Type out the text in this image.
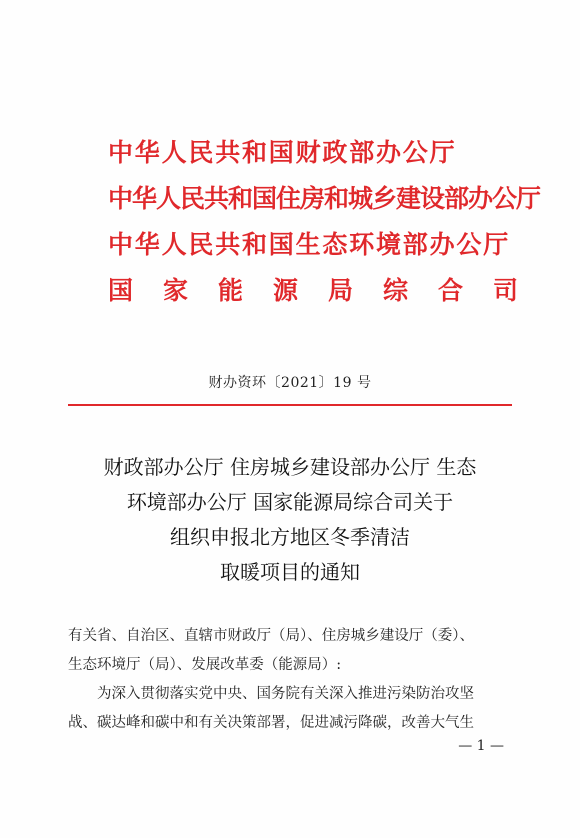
中华人民共和国财政部办公厅
中华人民共和国住房和城乡建设部办公厅
中华人民共和国生态环境部办公厅
国家能源局综合司
财办资环〔2021〕19 号
财政部办公厅 住房城乡建设部办公厅 生态
环境部办公厅 国家能源局综合司关于
组织申报北方地区冬季清洁
取暖项目的通知

有关省、自治区、直辖市财政厅（局）、住房城乡建设厅（委）、

生态环境厅（局）、发展改革委（能源局）:

为深入贯彻落实党中央、国务院有关深入推进污染防治攻坚

战、碳达峰和碳中和有关决策部署，促进减污降碳，改善大气生

— 1 —
